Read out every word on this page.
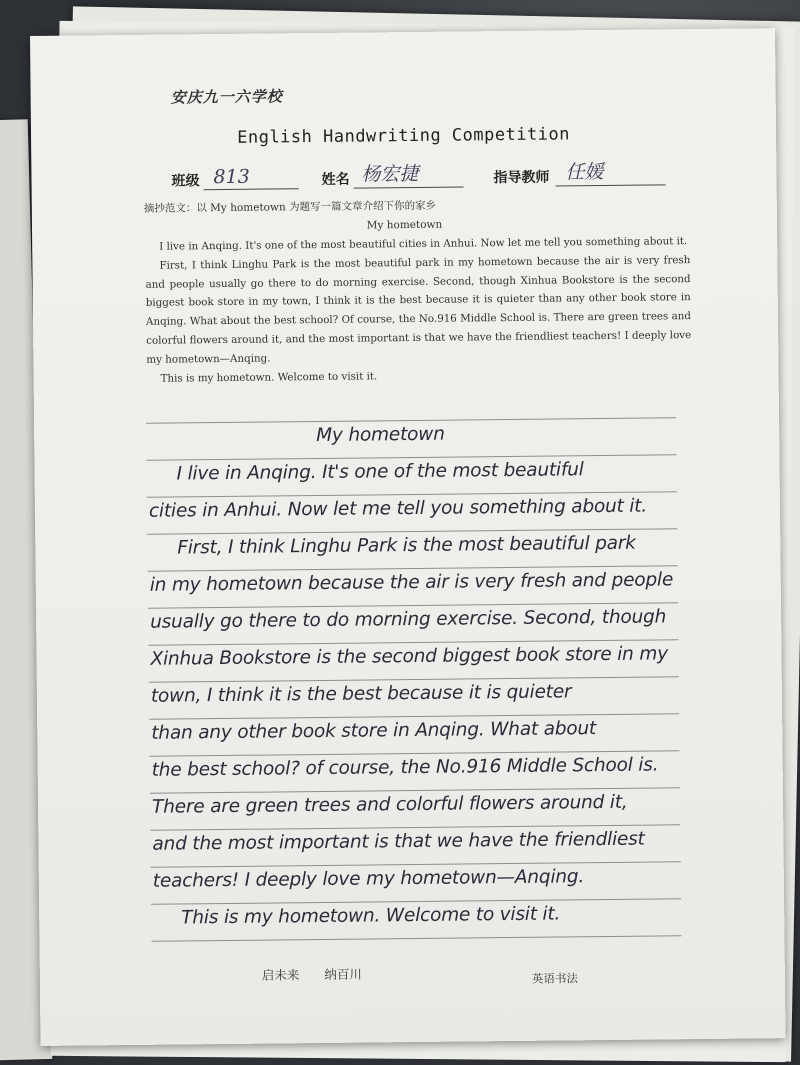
安庆九一六学校
English Handwriting Competition
班级 813	姓名 杨宏捷	指导教师 任媛
摘抄范文：以 My hometown 为题写一篇文章介绍下你的家乡
My hometown

I live in Anqing. It's one of the most beautiful cities in Anhui. Now let me tell you something about it.

First, I think Linghu Park is the most beautiful park in my hometown because the air is very fresh and people usually go there to do morning exercise. Second, though Xinhua Bookstore is the second biggest book store in my town, I think it is the best because it is quieter than any other book store in Anqing. What about the best school? Of course, the No.916 Middle School is. There are green trees and colorful flowers around it, and the most important is that we have the friendliest teachers! I deeply love my hometown—Anqing.

This is my hometown. Welcome to visit it.

My hometown
I live in Anqing. It's one of the most beautiful
cities in Anhui. Now let me tell you something about it.
First, I think Linghu Park is the most beautiful park
in my hometown because the air is very fresh and people
usually go there to do morning exercise. Second, though
Xinhua Bookstore is the second biggest book store in my
town, I think it is the best because it is quieter
than any other book store in Anqing. What about
the best school? of course, the No.916 Middle School is.
There are green trees and colorful flowers around it,
and the most important is that we have the friendliest
teachers! I deeply love my hometown—Anqing.
This is my hometown. Welcome to visit it.
启未来　　纳百川	英语书法
